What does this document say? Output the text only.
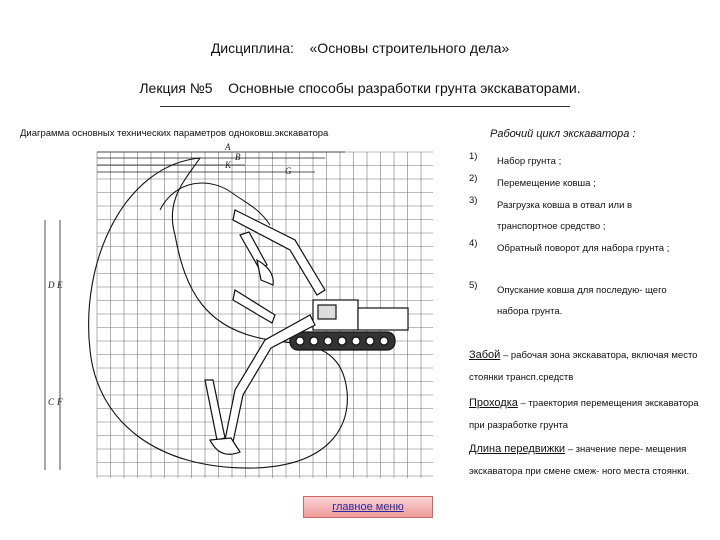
Дисциплина: «Основы строительного дела»
Лекция №5 Основные способы разработки грунта экскаваторами.
Диаграмма основных технических параметров одноковш.экскаватора
A
B
K
G
D E
C F
Рабочий цикл экскаватора :
1) Набор грунта ;
2) Перемещение ковша ;
3) Разгрузка ковша в отвал или в транспортное средство ;
4) Обратный поворот для набора грунта ;
5) Опускание ковша для последую- щего набора грунта.
Забой – рабочая зона экскаватора, включая место стоянки трансп.средств
Проходка – траектория перемещения экскаватора при разработке грунта
Длина передвижки – значение пере- мещения экскаватора при смене смеж- ного места стоянки.
главное меню
